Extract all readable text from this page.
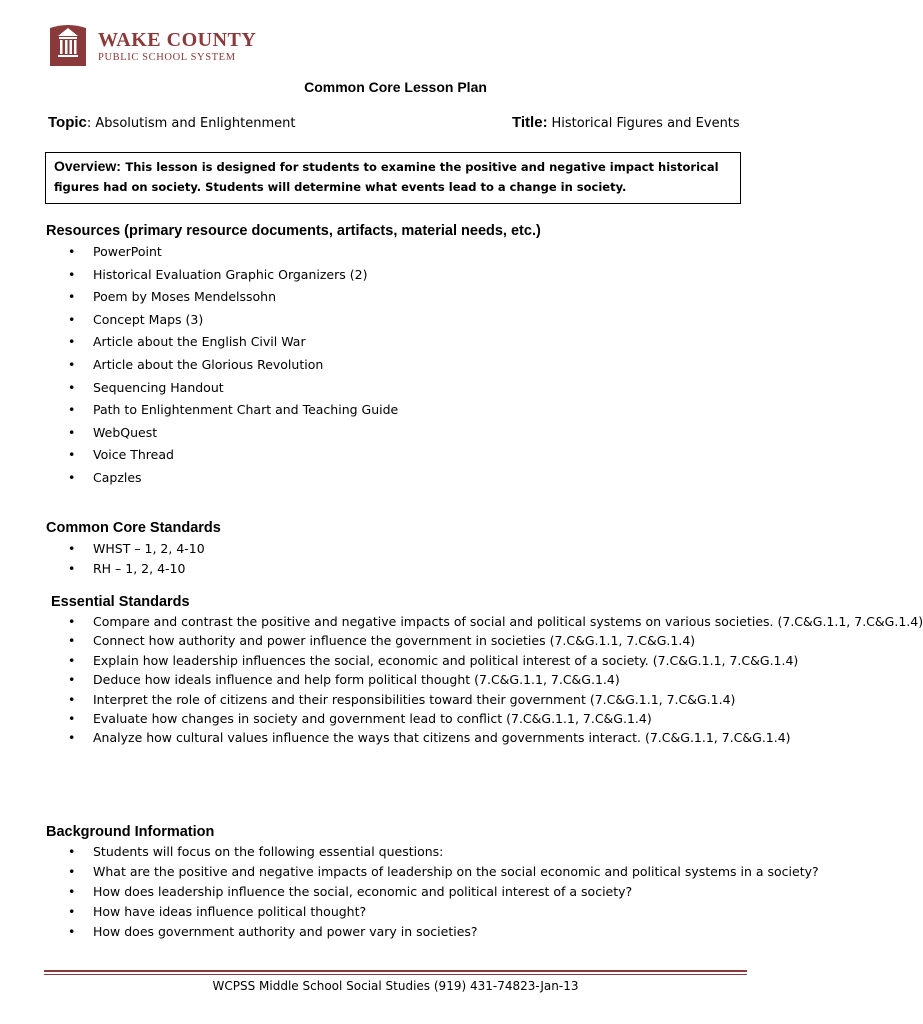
WAKE COUNTY
PUBLIC SCHOOL SYSTEM
Common Core Lesson Plan
Topic: Absolutism and Enlightenment	Title: Historical Figures and Events
Overview: This lesson is designed for students to examine the positive and negative impact historical
figures had on society. Students will determine what events lead to a change in society.
Resources (primary resource documents, artifacts, material needs, etc.)
• PowerPoint
• Historical Evaluation Graphic Organizers (2)
• Poem by Moses Mendelssohn
• Concept Maps (3)
• Article about the English Civil War
• Article about the Glorious Revolution
• Sequencing Handout
• Path to Enlightenment Chart and Teaching Guide
• WebQuest
• Voice Thread
• Capzles
Common Core Standards
• WHST – 1, 2, 4-10
• RH – 1, 2, 4-10
Essential Standards
• Compare and contrast the positive and negative impacts of social and political systems on various societies. (7.C&G.1.1, 7.C&G.1.4)
• Connect how authority and power influence the government in societies (7.C&G.1.1, 7.C&G.1.4)
• Explain how leadership influences the social, economic and political interest of a society. (7.C&G.1.1, 7.C&G.1.4)
• Deduce how ideals influence and help form political thought (7.C&G.1.1, 7.C&G.1.4)
• Interpret the role of citizens and their responsibilities toward their government (7.C&G.1.1, 7.C&G.1.4)
• Evaluate how changes in society and government lead to conflict (7.C&G.1.1, 7.C&G.1.4)
• Analyze how cultural values influence the ways that citizens and governments interact. (7.C&G.1.1, 7.C&G.1.4)
Background Information
• Students will focus on the following essential questions:
• What are the positive and negative impacts of leadership on the social economic and political systems in a society?
• How does leadership influence the social, economic and political interest of a society?
• How have ideas influence political thought?
• How does government authority and power vary in societies?
WCPSS Middle School Social Studies (919) 431-74823-Jan-13
